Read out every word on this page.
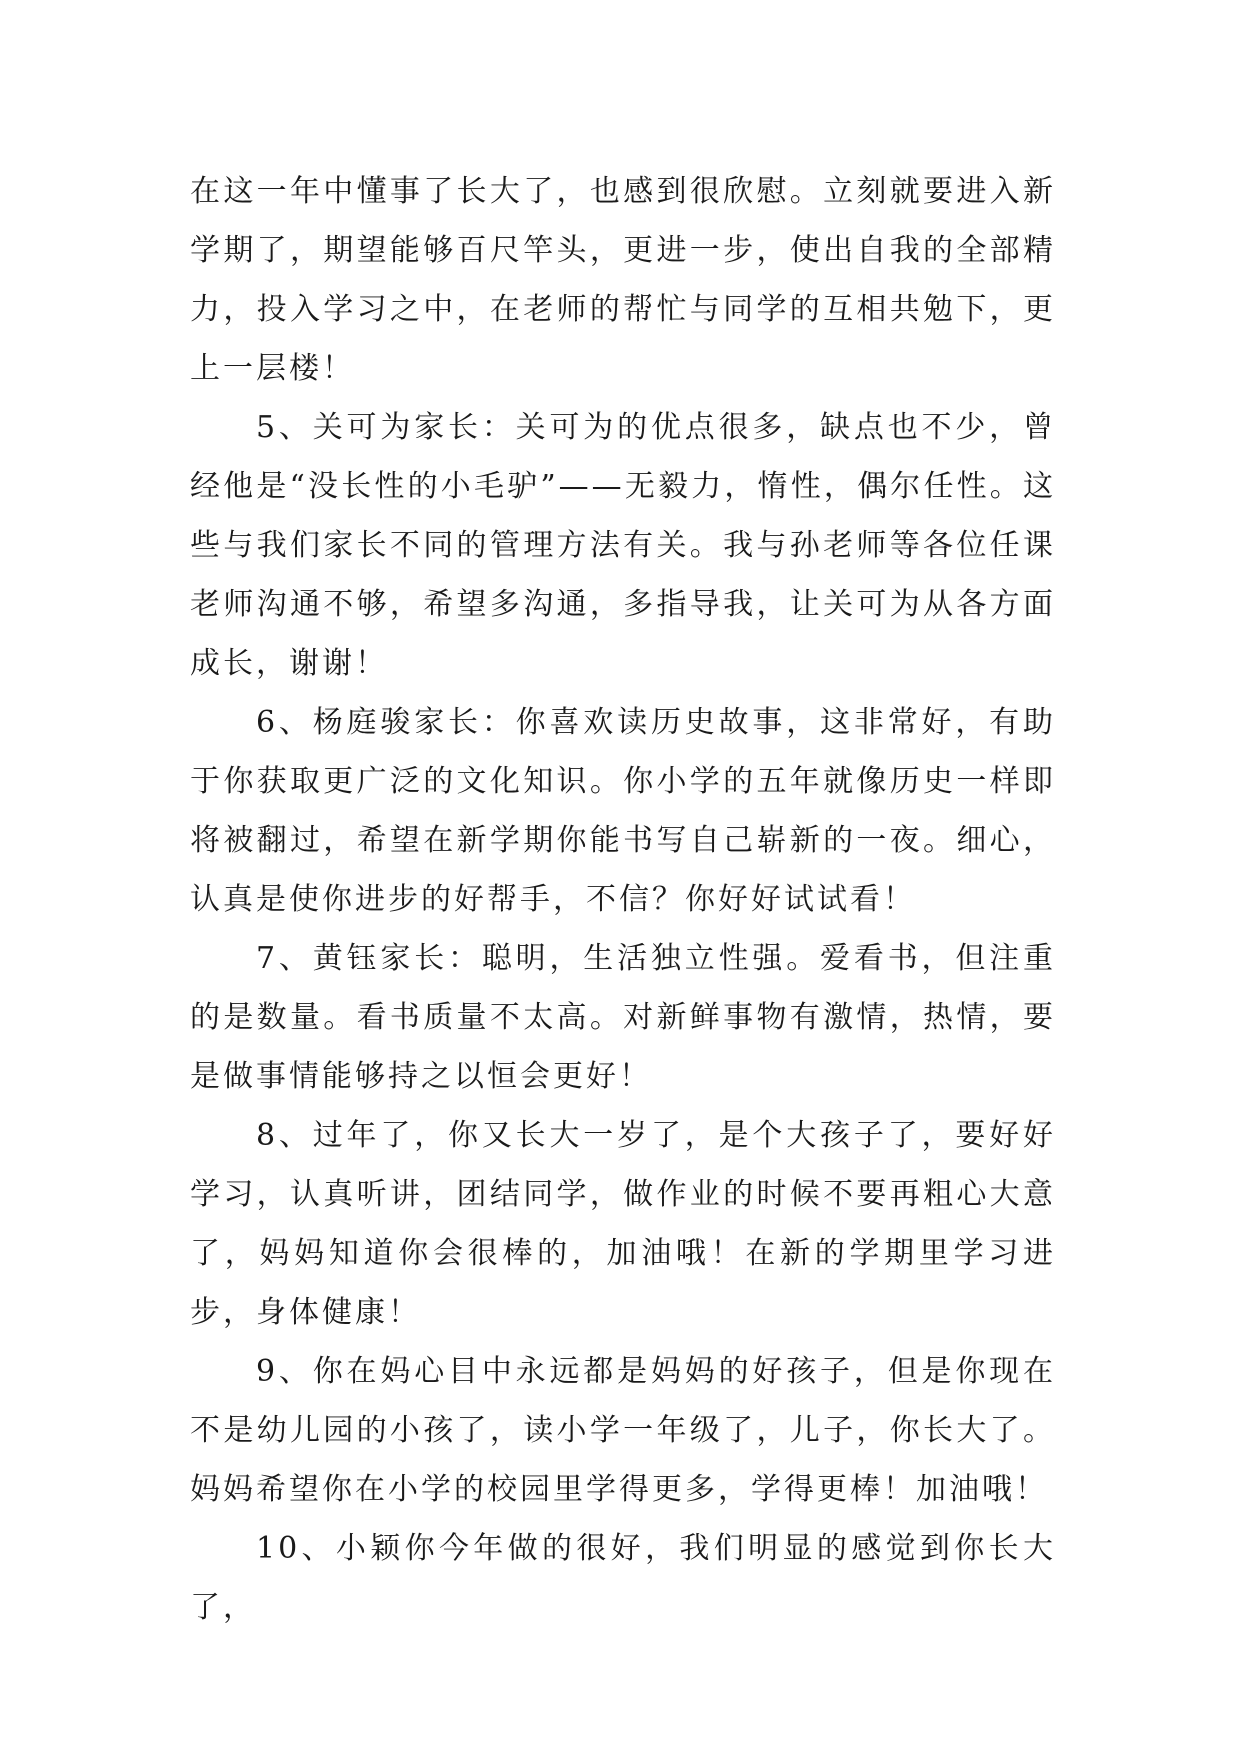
在这一年中懂事了长大了，也感到很欣慰。立刻就要进入新学期了，期望能够百尺竿头，更进一步，使出自我的全部精力，投入学习之中，在老师的帮忙与同学的互相共勉下，更上一层楼！

5、关可为家长：关可为的优点很多，缺点也不少，曾经他是“没长性的小毛驴”——无毅力，惰性，偶尔任性。这些与我们家长不同的管理方法有关。我与孙老师等各位任课老师沟通不够，希望多沟通，多指导我，让关可为从各方面成长，谢谢！

6、杨庭骏家长：你喜欢读历史故事，这非常好，有助于你获取更广泛的文化知识。你小学的五年就像历史一样即将被翻过，希望在新学期你能书写自己崭新的一夜。细心，认真是使你进步的好帮手，不信？你好好试试看！

7、黄钰家长：聪明，生活独立性强。爱看书，但注重的是数量。看书质量不太高。对新鲜事物有激情，热情，要是做事情能够持之以恒会更好！

8、过年了，你又长大一岁了，是个大孩子了，要好好学习，认真听讲，团结同学，做作业的时候不要再粗心大意了，妈妈知道你会很棒的，加油哦！在新的学期里学习进步，身体健康！

9、你在妈心目中永远都是妈妈的好孩子，但是你现在不是幼儿园的小孩了，读小学一年级了，儿子，你长大了。妈妈希望你在小学的校园里学得更多，学得更棒！加油哦！

10、小颖你今年做的很好，我们明显的感觉到你长大了，
